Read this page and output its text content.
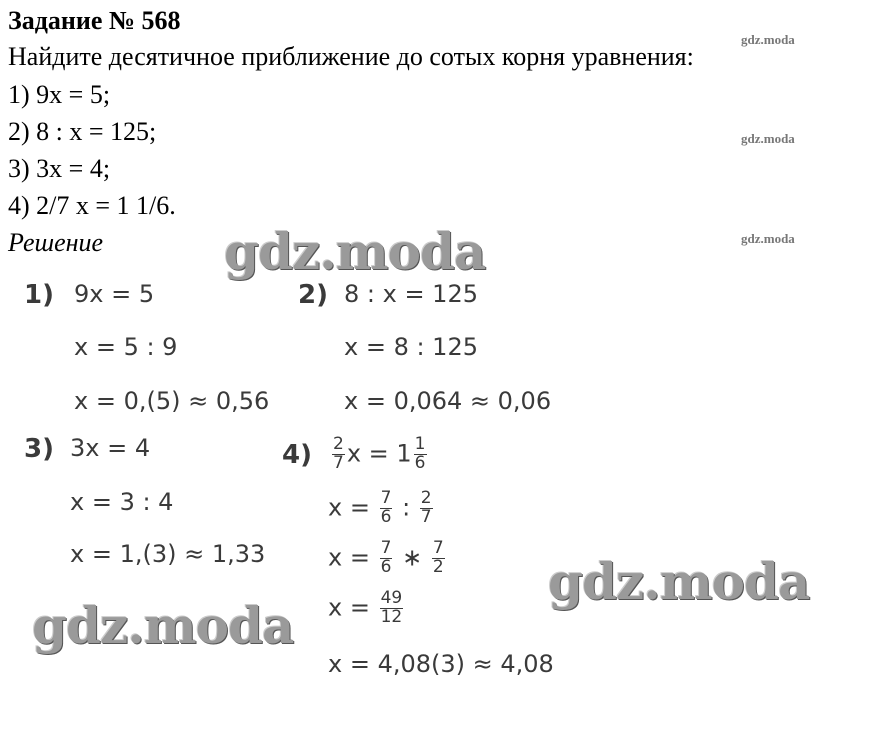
Задание № 568
Найдите десятичное приближение до сотых корня уравнения:
1) 9x = 5;
2) 8 : x = 125;
3) 3x = 4;
4) 2/7 x = 1 1/6.
Решение
gdz.moda
gdz.moda
gdz.moda
1) 9x = 5
x = 5 : 9
x = 0,(5) ≈ 0,56
2) 8 : x = 125
x = 8 : 125
x = 0,064 ≈ 0,06
3) 3x = 4
x = 3 : 4
x = 1,(3) ≈ 1,33
$4) \frac{2}{7}$ $x = 1 \frac{1}{6}$
$x = \frac{7}{6}$ : $\frac{2}{7}$
$x = \frac{7}{6}$ ∗ $\frac{7}{2}$
$x = \frac{49}{12}$
x = 4,08(3) ≈ 4,08
gdz.moda
gdz.moda
gdz.moda
